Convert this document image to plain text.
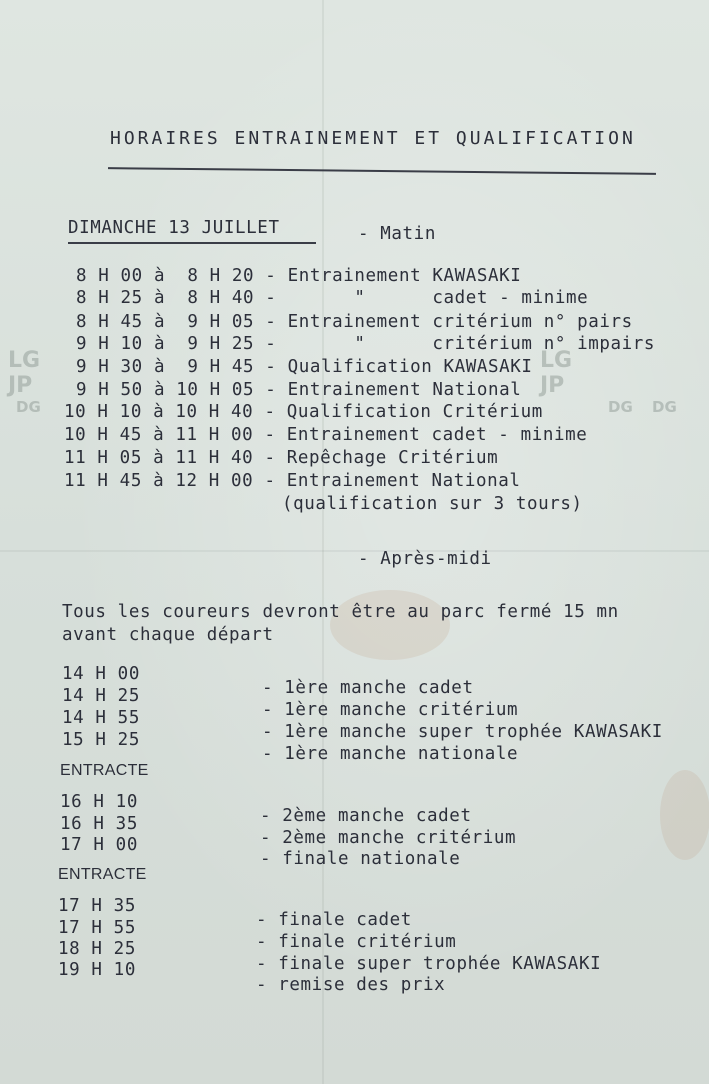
LG
JP
DG
LG
JP
DG DG
HORAIRES ENTRAINEMENT ET QUALIFICATION
DIMANCHE 13 JUILLET	- Matin
8 H 00 à  8 H 20 - Entrainement KAWASAKI
8 H 25 à  8 H 40 -       "      cadet - minime
8 H 45 à  9 H 05 - Entrainement critérium n° pairs
9 H 10 à  9 H 25 -       "      critérium n° impairs
9 H 30 à  9 H 45 - Qualification KAWASAKI
9 H 50 à 10 H 05 - Entrainement National
10 H 10 à 10 H 40 - Qualification Critérium
10 H 45 à 11 H 00 - Entrainement cadet - minime
11 H 05 à 11 H 40 - Repêchage Critérium
11 H 45 à 12 H 00 - Entrainement National
(qualification sur 3 tours)
- Après-midi
Tous les coureurs devront être au parc fermé 15 mn
avant chaque départ
14 H 00
14 H 25
14 H 55
15 H 25
- 1ère manche cadet
- 1ère manche critérium
- 1ère manche super trophée KAWASAKI
- 1ère manche nationale
ENTRACTE
16 H 10
16 H 35
17 H 00
- 2ème manche cadet
- 2ème manche critérium
- finale nationale
ENTRACTE
17 H 35
17 H 55
18 H 25
19 H 10
- finale cadet
- finale critérium
- finale super trophée KAWASAKI
- remise des prix
